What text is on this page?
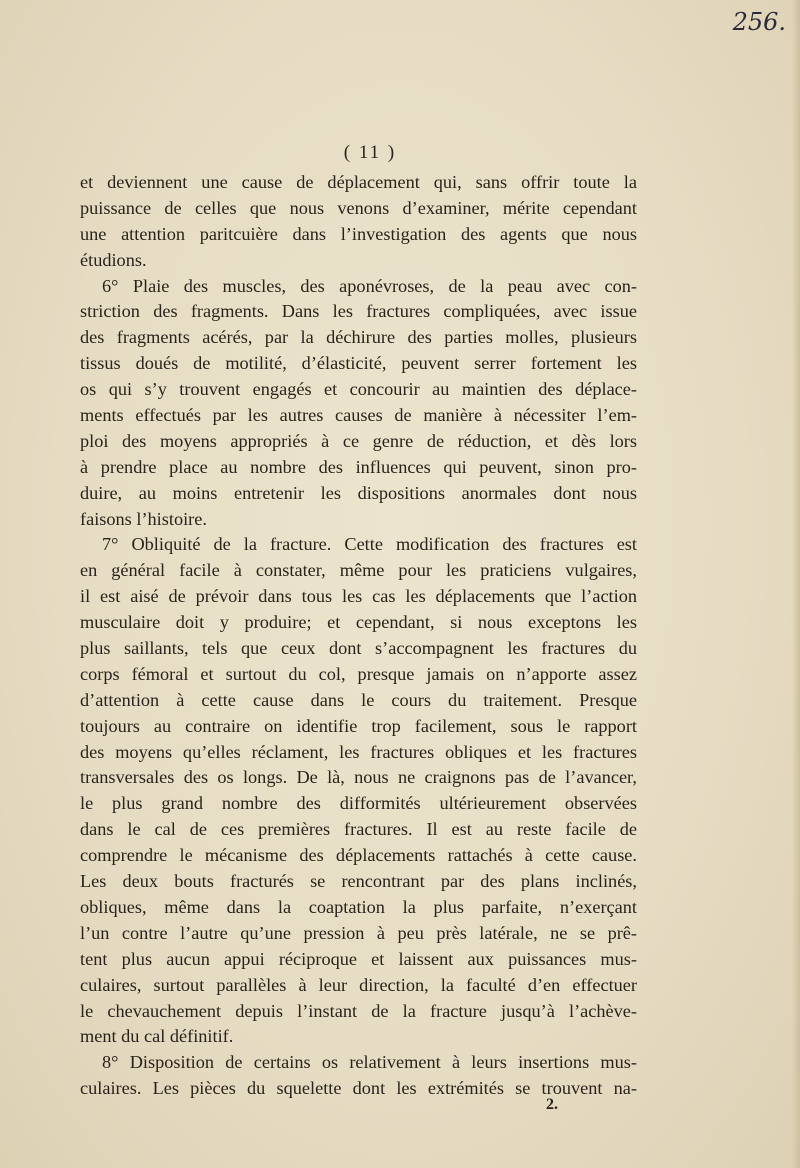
256.
( 11 )
et deviennent une cause de déplacement qui, sans offrir toute la
puissance de celles que nous venons d’examiner, mérite cependant
une attention paritcuière dans l’investigation des agents que nous
étudions.
6° Plaie des muscles, des aponévroses, de la peau avec con-
striction des fragments. Dans les fractures compliquées, avec issue
des fragments acérés, par la déchirure des parties molles, plusieurs
tissus doués de motilité, d’élasticité, peuvent serrer fortement les
os qui s’y trouvent engagés et concourir au maintien des déplace-
ments effectués par les autres causes de manière à nécessiter l’em-
ploi des moyens appropriés à ce genre de réduction, et dès lors
à prendre place au nombre des influences qui peuvent, sinon pro-
duire, au moins entretenir les dispositions anormales dont nous
faisons l’histoire.
7° Obliquité de la fracture. Cette modification des fractures est
en général facile à constater, même pour les praticiens vulgaires,
il est aisé de prévoir dans tous les cas les déplacements que l’action
musculaire doit y produire; et cependant, si nous exceptons les
plus saillants, tels que ceux dont s’accompagnent les fractures du
corps fémoral et surtout du col, presque jamais on n’apporte assez
d’attention à cette cause dans le cours du traitement. Presque
toujours au contraire on identifie trop facilement, sous le rapport
des moyens qu’elles réclament, les fractures obliques et les fractures
transversales des os longs. De là, nous ne craignons pas de l’avancer,
le plus grand nombre des difformités ultérieurement observées
dans le cal de ces premières fractures. Il est au reste facile de
comprendre le mécanisme des déplacements rattachés à cette cause.
Les deux bouts fracturés se rencontrant par des plans inclinés,
obliques, même dans la coaptation la plus parfaite, n’exerçant
l’un contre l’autre qu’une pression à peu près latérale, ne se prê-
tent plus aucun appui réciproque et laissent aux puissances mus-
culaires, surtout parallèles à leur direction, la faculté d’en effectuer
le chevauchement depuis l’instant de la fracture jusqu’à l’achève-
ment du cal définitif.
8° Disposition de certains os relativement à leurs insertions mus-
culaires. Les pièces du squelette dont les extrémités se trouvent na-
2.
